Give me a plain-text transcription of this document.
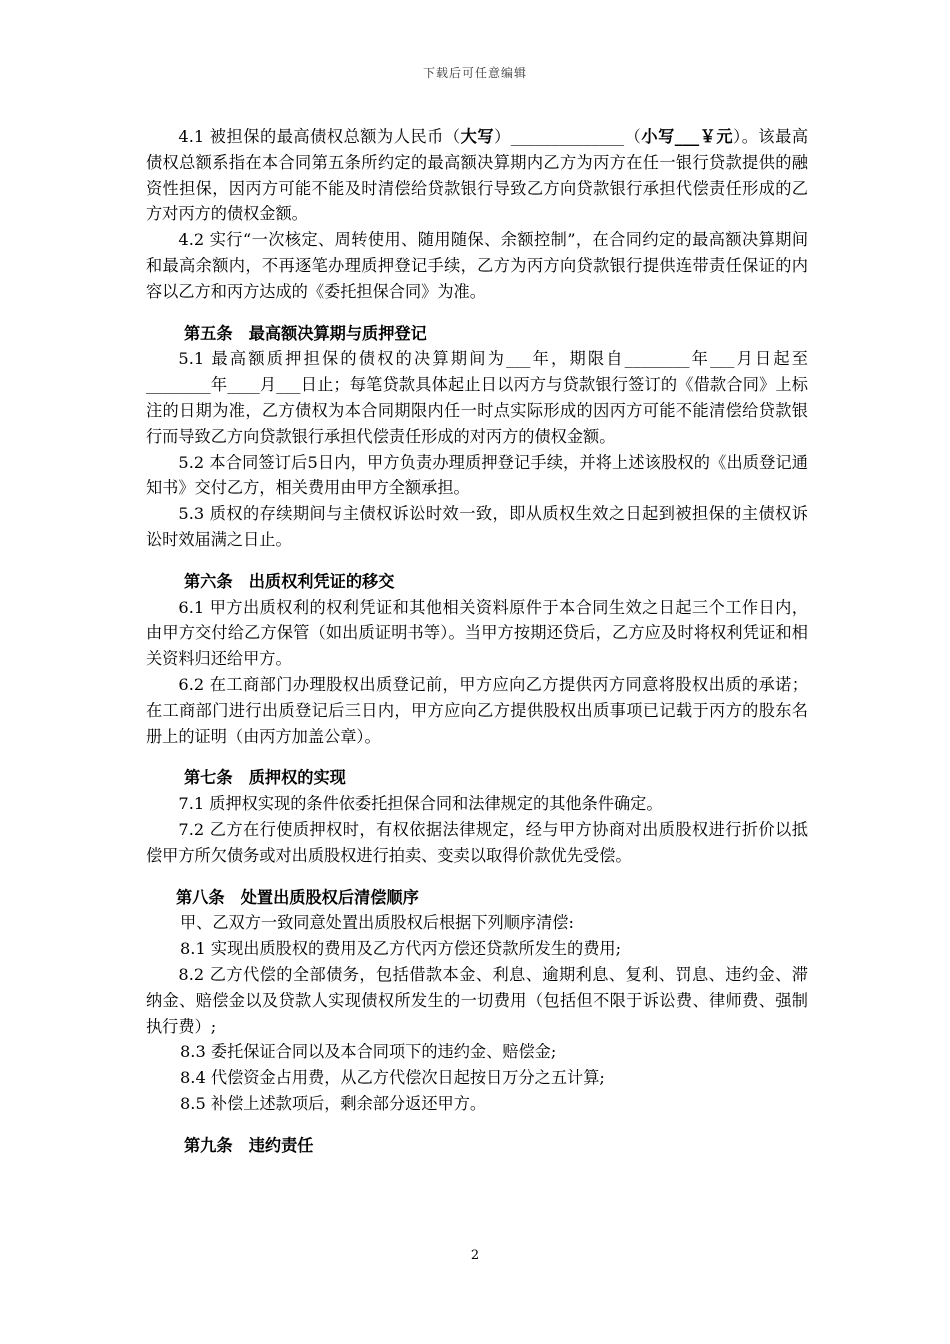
下载后可任意编辑

4.1 被担保的最高债权总额为人民币（大写）______________（小写___￥元）。该最高债权总额系指在本合同第五条所约定的最高额决算期内乙方为丙方在任一银行贷款提供的融资性担保，因丙方可能不能及时清偿给贷款银行导致乙方向贷款银行承担代偿责任形成的乙方对丙方的债权金额。

4.2 实行“一次核定、周转使用、随用随保、余额控制”，在合同约定的最高额决算期间和最高余额内，不再逐笔办理质押登记手续，乙方为丙方向贷款银行提供连带责任保证的内容以乙方和丙方达成的《委托担保合同》为准。

第五条　最高额决算期与质押登记

5.1 最高额质押担保的债权的决算期间为___年，期限自________年___月日起至________年____月___日止；每笔贷款具体起止日以丙方与贷款银行签订的《借款合同》上标注的日期为准，乙方债权为本合同期限内任一时点实际形成的因丙方可能不能清偿给贷款银行而导致乙方向贷款银行承担代偿责任形成的对丙方的债权金额。

5.2 本合同签订后5日内，甲方负责办理质押登记手续，并将上述该股权的《出质登记通知书》交付乙方，相关费用由甲方全额承担。

5.3 质权的存续期间与主债权诉讼时效一致，即从质权生效之日起到被担保的主债权诉讼时效届满之日止。

第六条　出质权利凭证的移交

6.1 甲方出质权利的权利凭证和其他相关资料原件于本合同生效之日起三个工作日内，由甲方交付给乙方保管（如出质证明书等）。当甲方按期还贷后，乙方应及时将权利凭证和相关资料归还给甲方。

6.2 在工商部门办理股权出质登记前，甲方应向乙方提供丙方同意将股权出质的承诺；在工商部门进行出质登记后三日内，甲方应向乙方提供股权出质事项已记载于丙方的股东名册上的证明（由丙方加盖公章）。

第七条　质押权的实现

7.1 质押权实现的条件依委托担保合同和法律规定的其他条件确定。

7.2 乙方在行使质押权时，有权依据法律规定，经与甲方协商对出质股权进行折价以抵偿甲方所欠债务或对出质股权进行拍卖、变卖以取得价款优先受偿。

第八条　处置出质股权后清偿顺序

甲、乙双方一致同意处置出质股权后根据下列顺序清偿:

8.1 实现出质股权的费用及乙方代丙方偿还贷款所发生的费用;

8.2 乙方代偿的全部债务，包括借款本金、利息、逾期利息、复利、罚息、违约金、滞纳金、赔偿金以及贷款人实现债权所发生的一切费用（包括但不限于诉讼费、律师费、强制执行费）;

8.3 委托保证合同以及本合同项下的违约金、赔偿金;

8.4 代偿资金占用费，从乙方代偿次日起按日万分之五计算;

8.5 补偿上述款项后，剩余部分返还甲方。

第九条　违约责任

2
